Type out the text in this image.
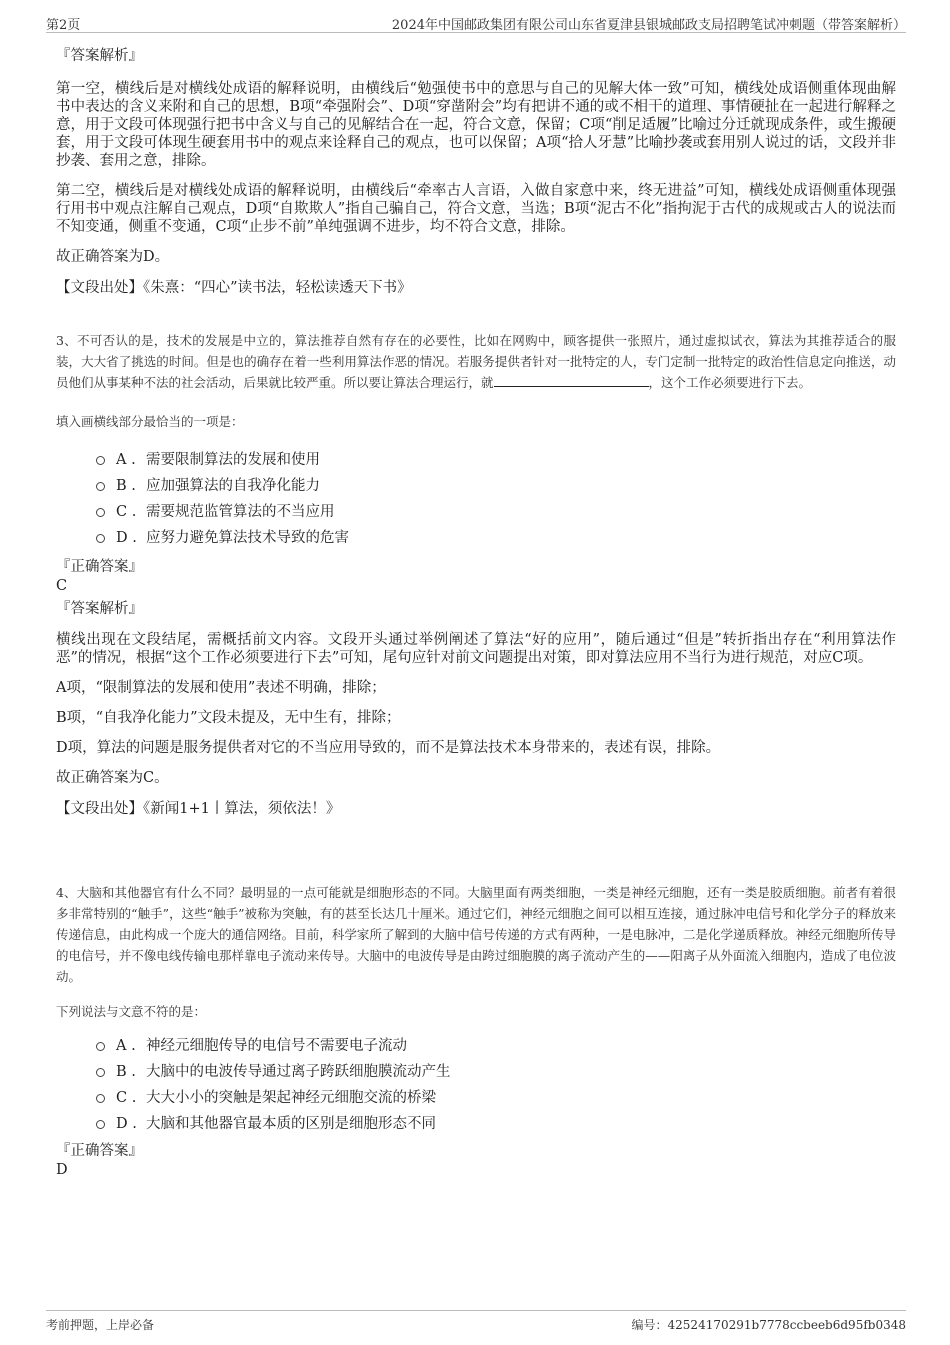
第2页	2024年中国邮政集团有限公司山东省夏津县银城邮政支局招聘笔试冲刺题（带答案解析）

『答案解析』

第一空，横线后是对横线处成语的解释说明，由横线后“勉强使书中的意思与自己的见解大体一致”可知，横线处成语侧重体现曲解书中表达的含义来附和自己的思想，B项“牵强附会”、D项“穿凿附会”均有把讲不通的或不相干的道理、事情硬扯在一起进行解释之意，用于文段可体现强行把书中含义与自己的见解结合在一起，符合文意，保留；C项“削足适履”比喻过分迁就现成条件，或生搬硬套，用于文段可体现生硬套用书中的观点来诠释自己的观点，也可以保留；A项“拾人牙慧”比喻抄袭或套用别人说过的话，文段并非抄袭、套用之意，排除。

第二空，横线后是对横线处成语的解释说明，由横线后“牵率古人言语，入做自家意中来，终无进益”可知，横线处成语侧重体现强行用书中观点注解自己观点，D项“自欺欺人”指自己骗自己，符合文意，当选；B项“泥古不化”指拘泥于古代的成规或古人的说法而不知变通，侧重不变通，C项“止步不前”单纯强调不进步，均不符合文意，排除。

故正确答案为D。

【文段出处】《朱熹：“四心”读书法，轻松读透天下书》

3、不可否认的是，技术的发展是中立的，算法推荐自然有存在的必要性，比如在网购中，顾客提供一张照片，通过虚拟试衣，算法为其推荐适合的服装，大大省了挑选的时间。但是也的确存在着一些利用算法作恶的情况。若服务提供者针对一批特定的人，专门定制一批特定的政治性信息定向推送，动员他们从事某种不法的社会活动，后果就比较严重。所以要让算法合理运行，就	，这个工作必须要进行下去。

填入画横线部分最恰当的一项是：

A . 需要限制算法的发展和使用
B . 应加强算法的自我净化能力
C . 需要规范监管算法的不当应用
D . 应努力避免算法技术导致的危害

『正确答案』

C

『答案解析』

横线出现在文段结尾，需概括前文内容。文段开头通过举例阐述了算法“好的应用”，随后通过“但是”转折指出存在“利用算法作恶”的情况，根据“这个工作必须要进行下去”可知，尾句应针对前文问题提出对策，即对算法应用不当行为进行规范，对应C项。

A项，“限制算法的发展和使用”表述不明确，排除；

B项，“自我净化能力”文段未提及，无中生有，排除；

D项，算法的问题是服务提供者对它的不当应用导致的，而不是算法技术本身带来的，表述有误，排除。

故正确答案为C。

【文段出处】《新闻1+1丨算法，须依法！》

4、大脑和其他器官有什么不同？最明显的一点可能就是细胞形态的不同。大脑里面有两类细胞，一类是神经元细胞，还有一类是胶质细胞。前者有着很多非常特别的“触手”，这些“触手”被称为突触，有的甚至长达几十厘米。通过它们，神经元细胞之间可以相互连接，通过脉冲电信号和化学分子的释放来传递信息，由此构成一个庞大的通信网络。目前，科学家所了解到的大脑中信号传递的方式有两种，一是电脉冲，二是化学递质释放。神经元细胞所传导的电信号，并不像电线传输电那样靠电子流动来传导。大脑中的电波传导是由跨过细胞膜的离子流动产生的——阳离子从外面流入细胞内，造成了电位波动。

下列说法与文意不符的是：

A . 神经元细胞传导的电信号不需要电子流动
B . 大脑中的电波传导通过离子跨跃细胞膜流动产生
C . 大大小小的突触是架起神经元细胞交流的桥梁
D . 大脑和其他器官最本质的区别是细胞形态不同

『正确答案』

D

考前押题，上岸必备	编号：42524170291b7778ccbeeb6d95fb0348
